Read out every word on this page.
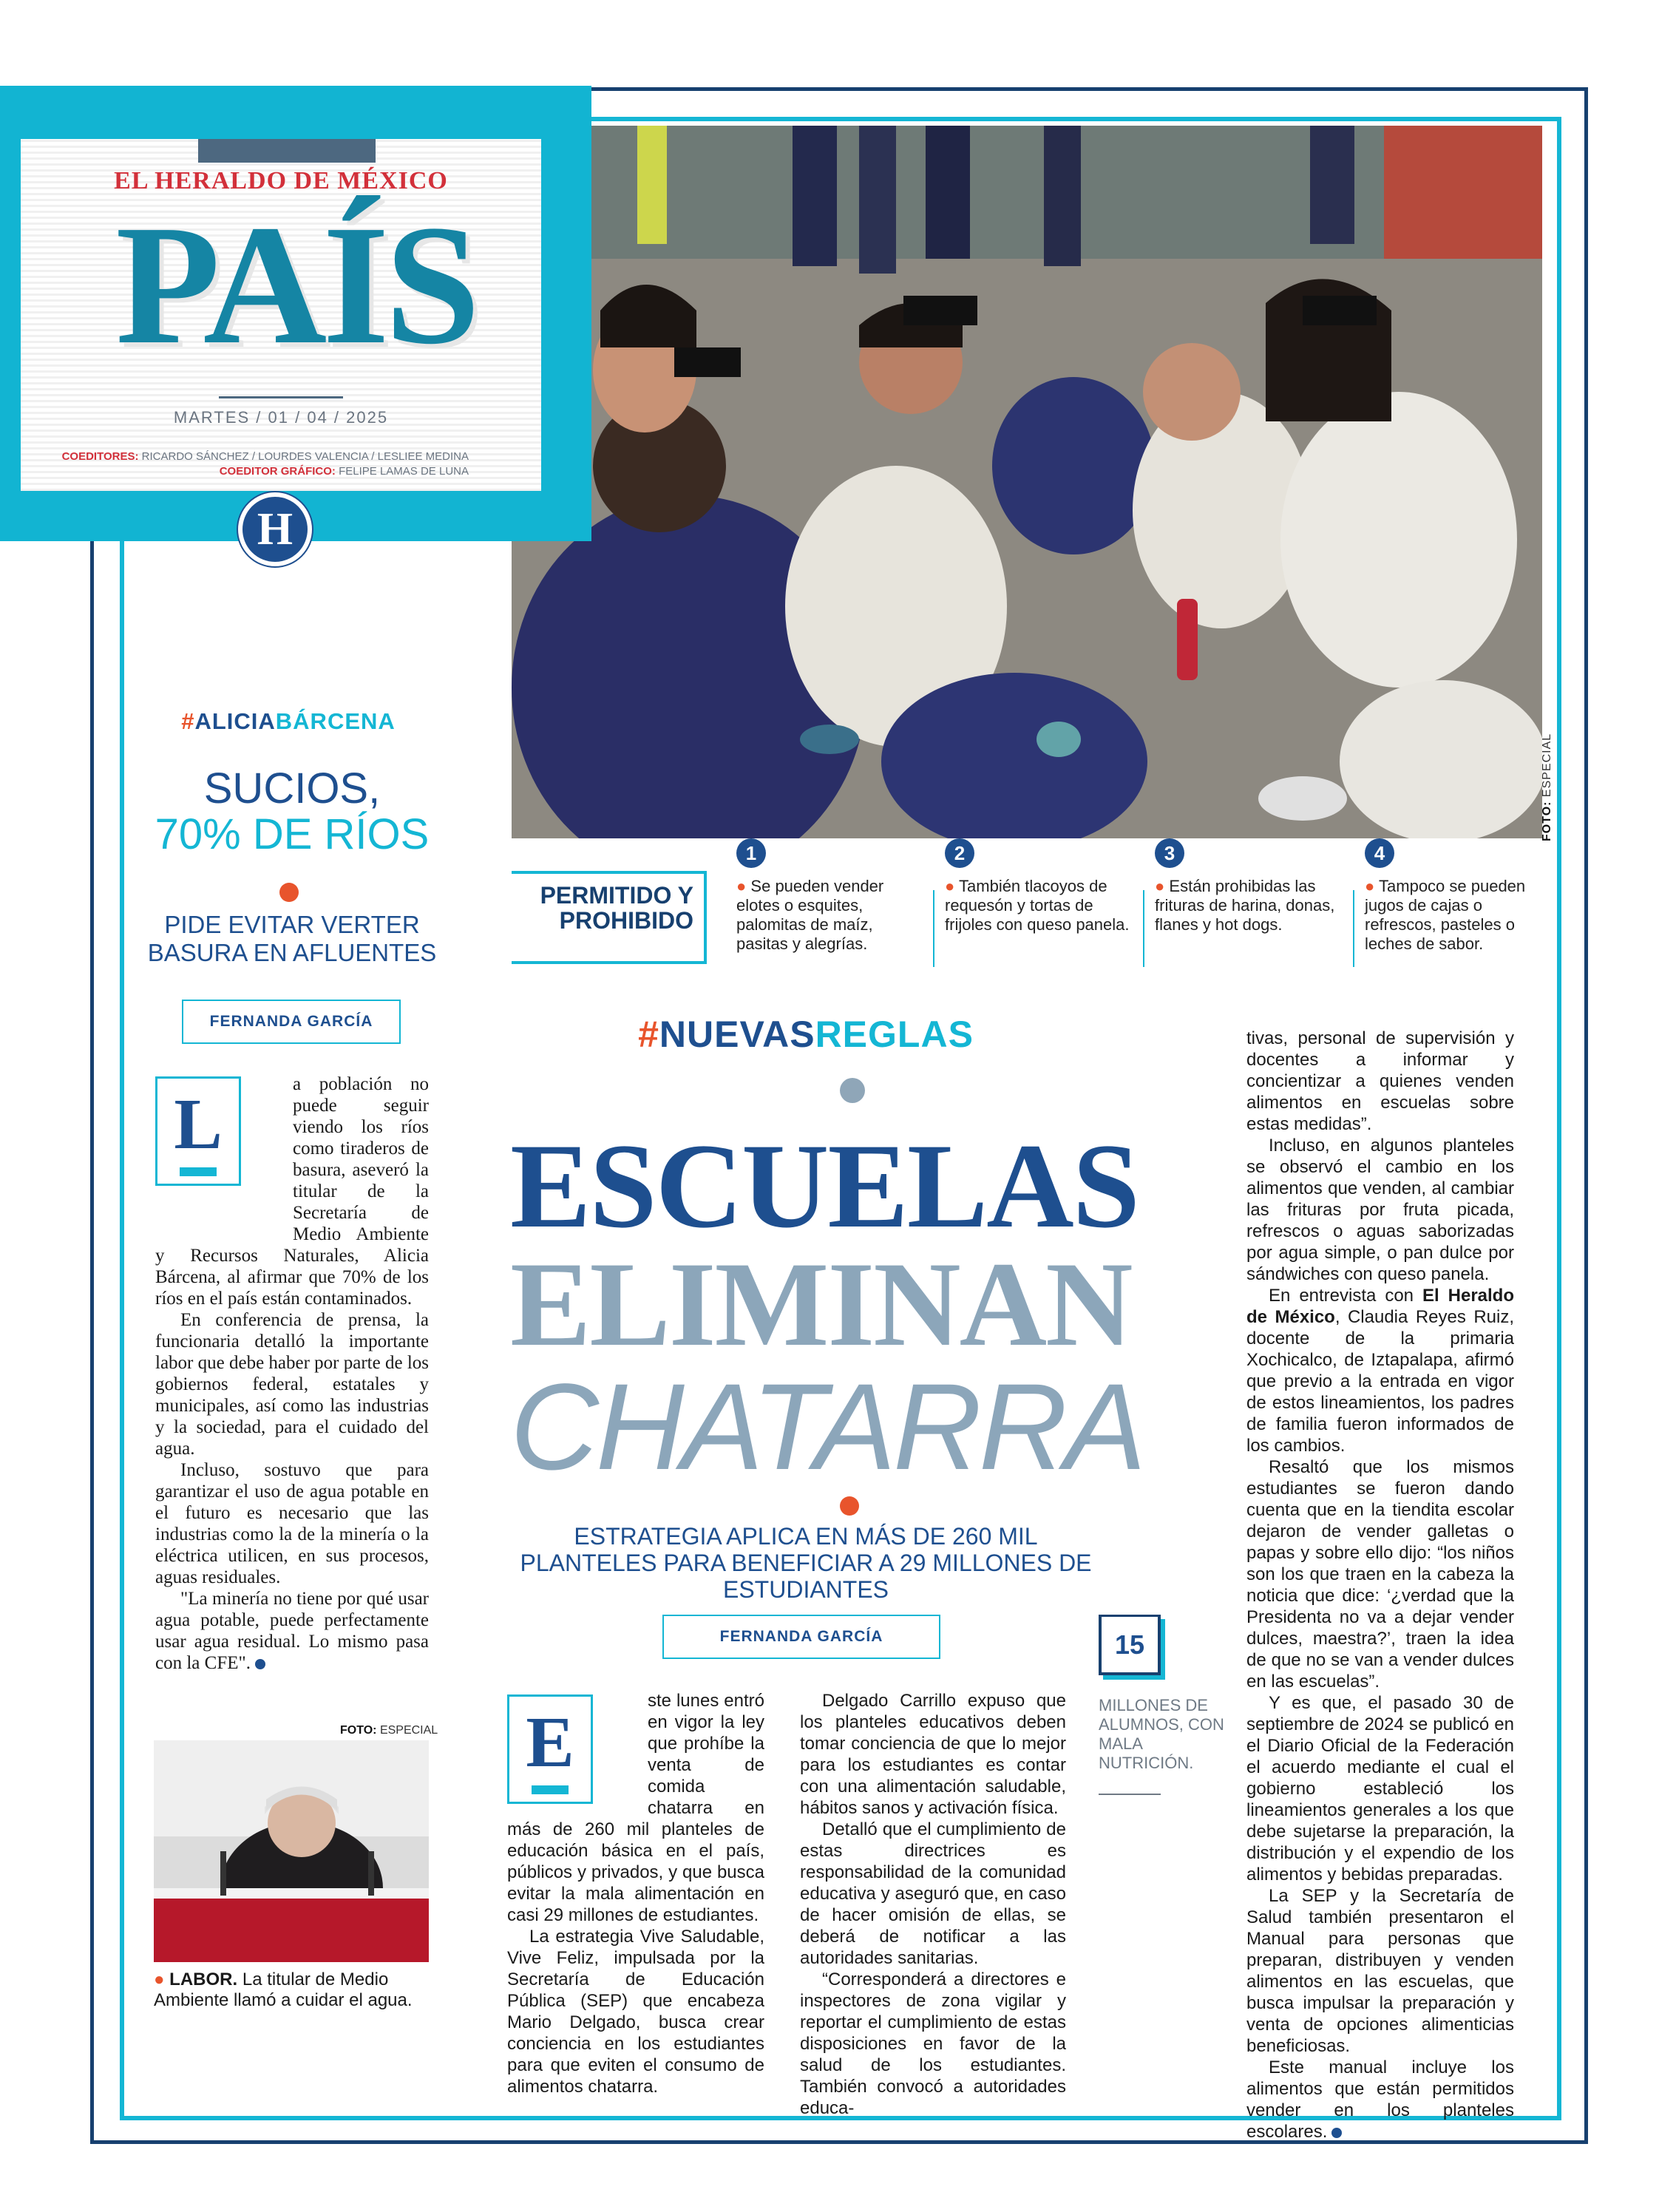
FOTO: ESPECIAL
EL HERALDO DE MÉXICO
PAÍS
MARTES / 01 / 04 / 2025
COEDITORES: RICARDO SÁNCHEZ / LOURDES VALENCIA / LESLIEE MEDINA
COEDITOR GRÁFICO: FELIPE LAMAS DE LUNA
H
PERMITIDO Y PROHIBIDO
1
● Se pueden vender elotes o esquites, palomitas de maíz, pasitas y alegrías.
2
● También tlacoyos de requesón y tortas de frijoles con queso panela.
3
● Están prohibidas las frituras de harina, donas, flanes y hot dogs.
4
● Tampoco se pueden jugos de cajas o refrescos, pasteles o leches de sabor.
#ALICIABÁRCENA
SUCIOS,
70% DE RÍOS
PIDE EVITAR VERTER BASURA EN AFLUENTES
FERNANDA GARCÍA
L

a población no puede seguir viendo los ríos como tiraderos de basura, aseveró la titular de la Secretaría de Medio Ambiente y Recursos Naturales, Alicia Bárcena, al afirmar que 70% de los ríos en el país están contaminados.

En conferencia de prensa, la funcionaria detalló la importante labor que debe haber por parte de los gobiernos federal, estatales y municipales, así como las industrias y la sociedad, para el cuidado del agua.

Incluso, sostuvo que para garantizar el uso de agua potable en el futuro es necesario que las industrias como la de la minería o la eléctrica utilicen, en sus procesos, aguas residuales.

"La minería no tiene por qué usar agua potable, puede perfectamente usar agua residual. Lo mismo pasa con la CFE".

FOTO: ESPECIAL
● LABOR. La titular de Medio Ambiente llamó a cuidar el agua.
#NUEVASREGLAS
ESCUELAS
ELIMINAN
CHATARRA
ESTRATEGIA APLICA EN MÁS DE 260 MIL PLANTELES PARA BENEFICIAR A 29 MILLONES DE ESTUDIANTES
FERNANDA GARCÍA
E

ste lunes entró en vigor la ley que prohíbe la venta de comida chatarra en más de 260 mil planteles de educación básica en el país, públicos y privados, y que busca evitar la mala alimentación en casi 29 millones de estudiantes.

La estrategia Vive Saludable, Vive Feliz, impulsada por la Secretaría de Educación Pública (SEP) que encabeza Mario Delgado, busca crear conciencia en los estudiantes para que eviten el consumo de alimentos chatarra.

Delgado Carrillo expuso que los planteles educativos deben tomar conciencia de que lo mejor para los estudiantes es contar con una alimentación saludable, hábitos sanos y activación física.

Detalló que el cumplimiento de estas directrices es responsabilidad de la comunidad educativa y aseguró que, en caso de hacer omisión de ellas, se deberá de notificar a las autoridades sanitarias.

“Corresponderá a directores e inspectores de zona vigilar y reportar el cumplimiento de estas disposiciones en favor de la salud de los estudiantes. También convocó a autoridades educa-

15
MILLONES DE ALUMNOS, CON MALA NUTRICIÓN.

tivas, personal de supervisión y docentes a informar y concientizar a quienes venden alimentos en escuelas sobre estas medidas”.

Incluso, en algunos planteles se observó el cambio en los alimentos que venden, al cambiar las frituras por fruta picada, refrescos o aguas saborizadas por agua simple, o pan dulce por sándwiches con queso panela.

En entrevista con El Heraldo de México, Claudia Reyes Ruiz, docente de la primaria Xochicalco, de Iztapalapa, afirmó que previo a la entrada en vigor de estos lineamientos, los padres de familia fueron informados de los cambios.

Resaltó que los mismos estudiantes se fueron dando cuenta que en la tiendita escolar dejaron de vender galletas o papas y sobre ello dijo: “los niños son los que traen en la cabeza la noticia que dice: ‘¿verdad que la Presidenta no va a dejar vender dulces, maestra?’, traen la idea de que no se van a vender dulces en las escuelas”.

Y es que, el pasado 30 de septiembre de 2024 se publicó en el Diario Oficial de la Federación el acuerdo mediante el cual el gobierno estableció los lineamientos generales a los que debe sujetarse la preparación, la distribución y el expendio de los alimentos y bebidas preparadas.

La SEP y la Secretaría de Salud también presentaron el Manual para personas que preparan, distribuyen y venden alimentos en las escuelas, que busca impulsar la preparación y venta de opciones alimenticias beneficiosas.

Este manual incluye los alimentos que están permitidos vender en los planteles escolares.
